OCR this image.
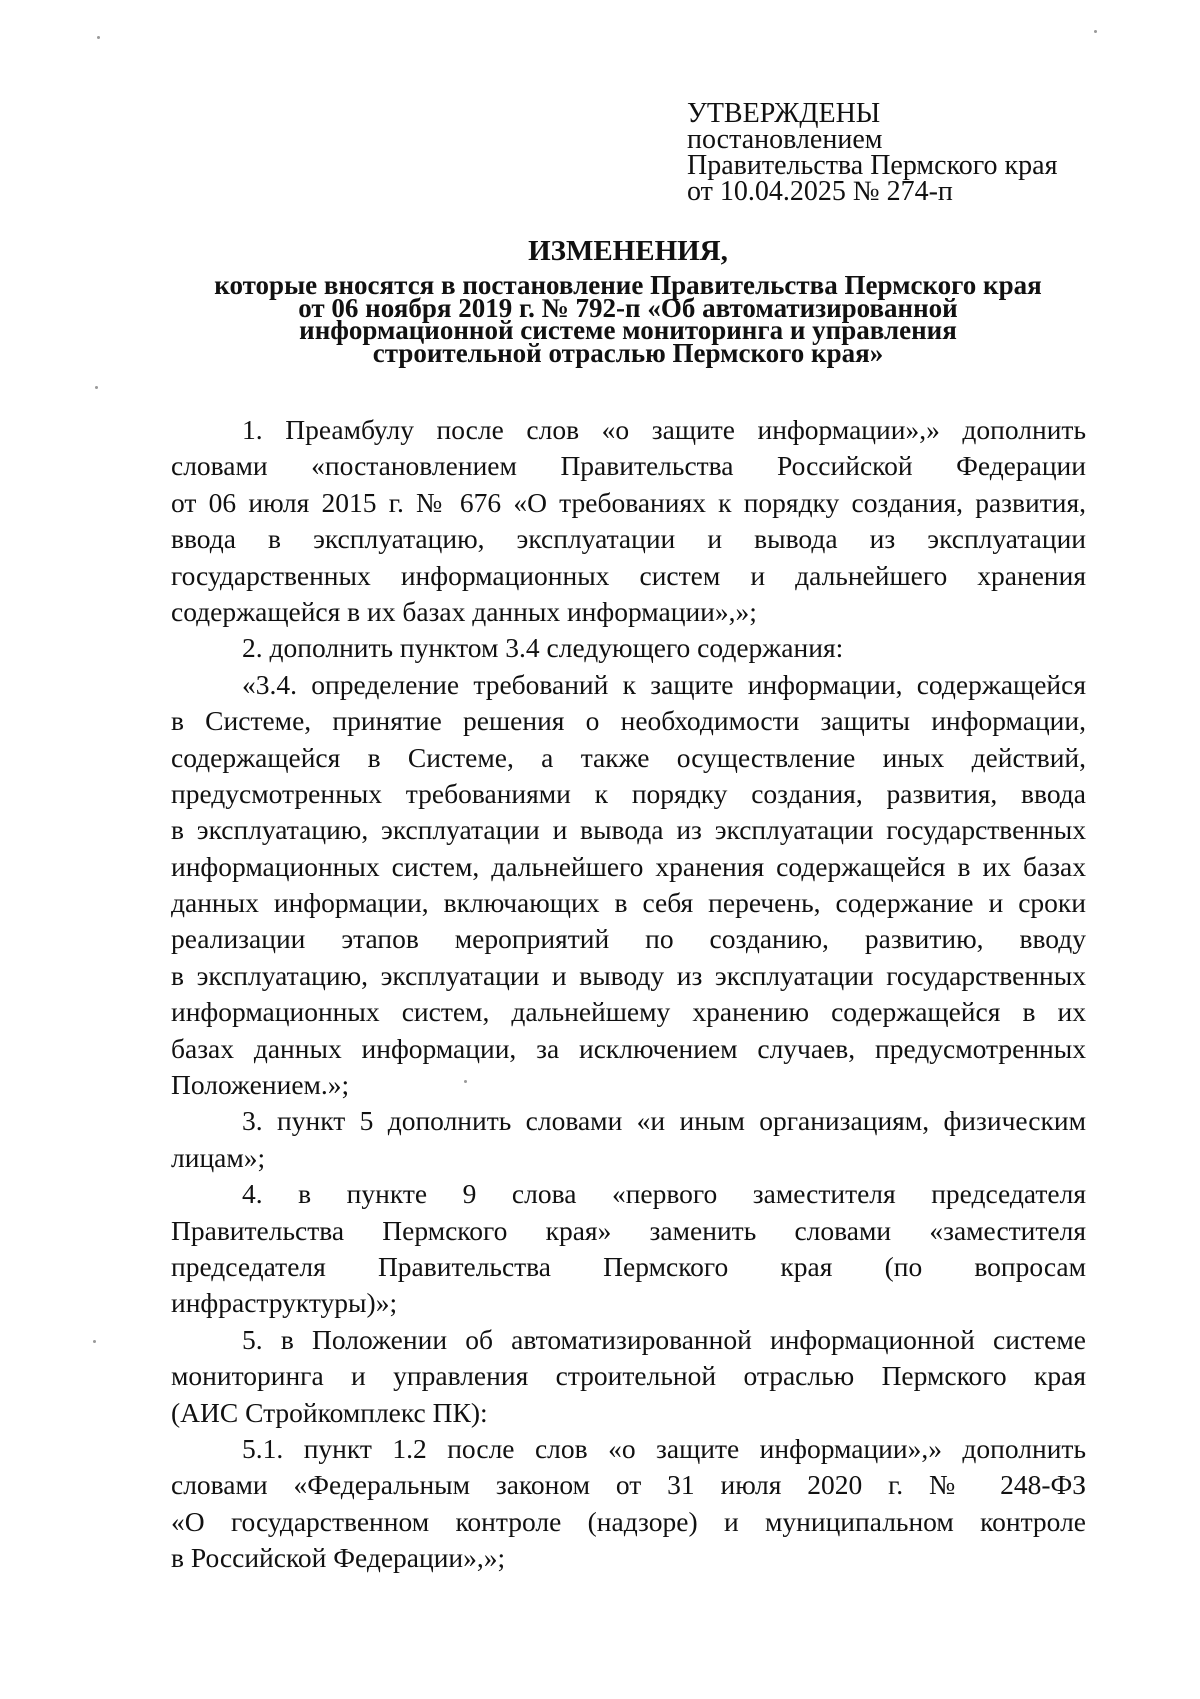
УТВЕРЖДЕНЫ
постановлением
Правительства Пермского края
от 10.04.2025 № 274-п
ИЗМЕНЕНИЯ,
которые вносятся в постановление Правительства Пермского края
от 06 ноября 2019 г. № 792-п «Об автоматизированной
информационной системе мониторинга и управления
строительной отраслью Пермского края»
1. Преамбулу после слов «о защите информации»,» дополнить
словами «постановлением Правительства Российской Федерации
от 06 июля 2015 г. № 676 «О требованиях к порядку создания, развития,
ввода в эксплуатацию, эксплуатации и вывода из эксплуатации
государственных информационных систем и дальнейшего хранения
содержащейся в их базах данных информации»,»;
2. дополнить пунктом 3.4 следующего содержания:
«3.4. определение требований к защите информации, содержащейся
в Системе, принятие решения о необходимости защиты информации,
содержащейся в Системе, а также осуществление иных действий,
предусмотренных требованиями к порядку создания, развития, ввода
в эксплуатацию, эксплуатации и вывода из эксплуатации государственных
информационных систем, дальнейшего хранения содержащейся в их базах
данных информации, включающих в себя перечень, содержание и сроки
реализации этапов мероприятий по созданию, развитию, вводу
в эксплуатацию, эксплуатации и выводу из эксплуатации государственных
информационных систем, дальнейшему хранению содержащейся в их
базах данных информации, за исключением случаев, предусмотренных
Положением.»;
3. пункт 5 дополнить словами «и иным организациям, физическим
лицам»;
4. в пункте 9 слова «первого заместителя председателя
Правительства Пермского края» заменить словами «заместителя
председателя Правительства Пермского края (по вопросам
инфраструктуры)»;
5. в Положении об автоматизированной информационной системе
мониторинга и управления строительной отраслью Пермского края
(АИС Стройкомплекс ПК):
5.1. пункт 1.2 после слов «о защите информации»,» дополнить
словами «Федеральным законом от 31 июля 2020 г. № 248-ФЗ
«О государственном контроле (надзоре) и муниципальном контроле
в Российской Федерации»,»;
